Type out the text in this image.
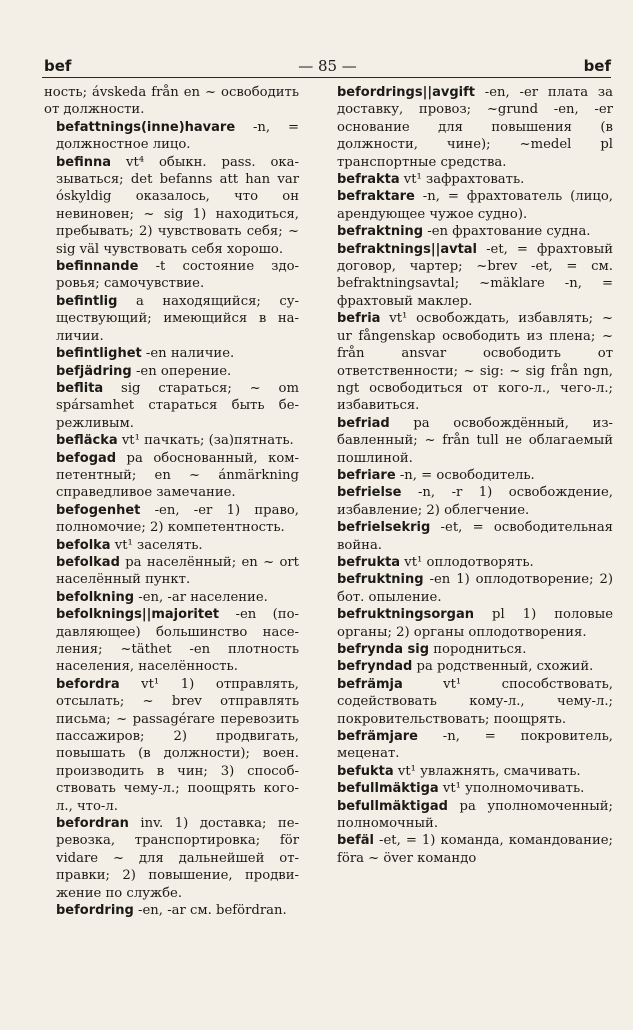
bef	— 85 —	bef

ность; ávskeda från en ~ освободить от должности.

befattnings(inne)havare -n, = должностное лицо.

befinna vt⁴ обыкн. pass. оказываться; det befanns att han var óskyldig оказалось, что он невиновен; ~ sig 1) находиться, пребывать; 2) чувствовать себя; ~ sig väl чувствовать себя хорошо.

befinnande -t состояние здоровья; самочувствие.

befintlig a находящийся; существующий; имеющийся в наличии.

befintlighet -en наличие.

befjädring -en оперение.

beflita sig стараться; ~ om spársamhet стараться быть бережливым.

befläcka vt¹ пачкать; (за)пятнать.

befogad pa обоснованный, компетентный; en ~ ánmärkning справедливое замечание.

befogenhet -en, -er 1) право, полномочие; 2) компетентность.

befolka vt¹ заселять.

befolkad pa населённый; en ~ ort населённый пункт.

befolkning -en, -ar население.

befolknings||majoritet -en (подавляющее) большинство населения; ~täthet -en плотность населения, населённость.

befordra vt¹ 1) отправлять, отсылать; ~ brev отправлять письма; ~ passagérare перевозить пассажиров; 2) продвигать, повышать (в должности); воен. производить в чин; 3) способствовать чему-л.; поощрять кого-л., что-л.

befordran inv. 1) доставка; перевозка, транспортировка; för vidare ~ для дальнейшей отправки; 2) повышение, продвижение по службе.

befordring -en, -ar см. befördran.

befordrings||avgift -en, -er плата за доставку, провоз; ~grund -en, -er основание для повышения (в должности, чине); ~medel pl транспортные средства.

befrakta vt¹ зафрахтовать.

befraktare -n, = фрахтователь (лицо, арендующее чужое судно).

befraktning -en фрахтование судна.

befraktnings||avtal -et, = фрахтовый договор, чартер; ~brev -et, = см. befraktningsavtal; ~mäklare -n, = фрахтовый маклер.

befria vt¹ освобождать, избавлять; ~ ur fångenskap освободить из плена; ~ från ansvar освободить от ответственности; ~ sig: ~ sig från ngn, ngt освободиться от кого-л., чего-л.; избавиться.

befriad pa освобождённый, избавленный; ~ från tull не облагаемый пошлиной.

befriare -n, = освободитель.

befrielse -n, -r 1) освобождение, избавление; 2) облегчение.

befrielsekrig -et, = освободительная война.

befrukta vt¹ оплодотворять.

befruktning -en 1) оплодотворение; 2) бот. опыление.

befruktningsorgan pl 1) половые органы; 2) органы оплодотворения.

befrynda sig породниться.

befryndad pa родственный, схожий.

befrämja vt¹ способствовать, содействовать кому-л., чему-л.; покровительствовать; поощрять.

befrämjare -n, = покровитель, меценат.

befukta vt¹ увлажнять, смачивать.

befullmäktiga vt¹ уполномочивать.

befullmäktigad pa уполномоченный; полномочный.

befäl -et, = 1) команда, командование; föra ~ över командо
